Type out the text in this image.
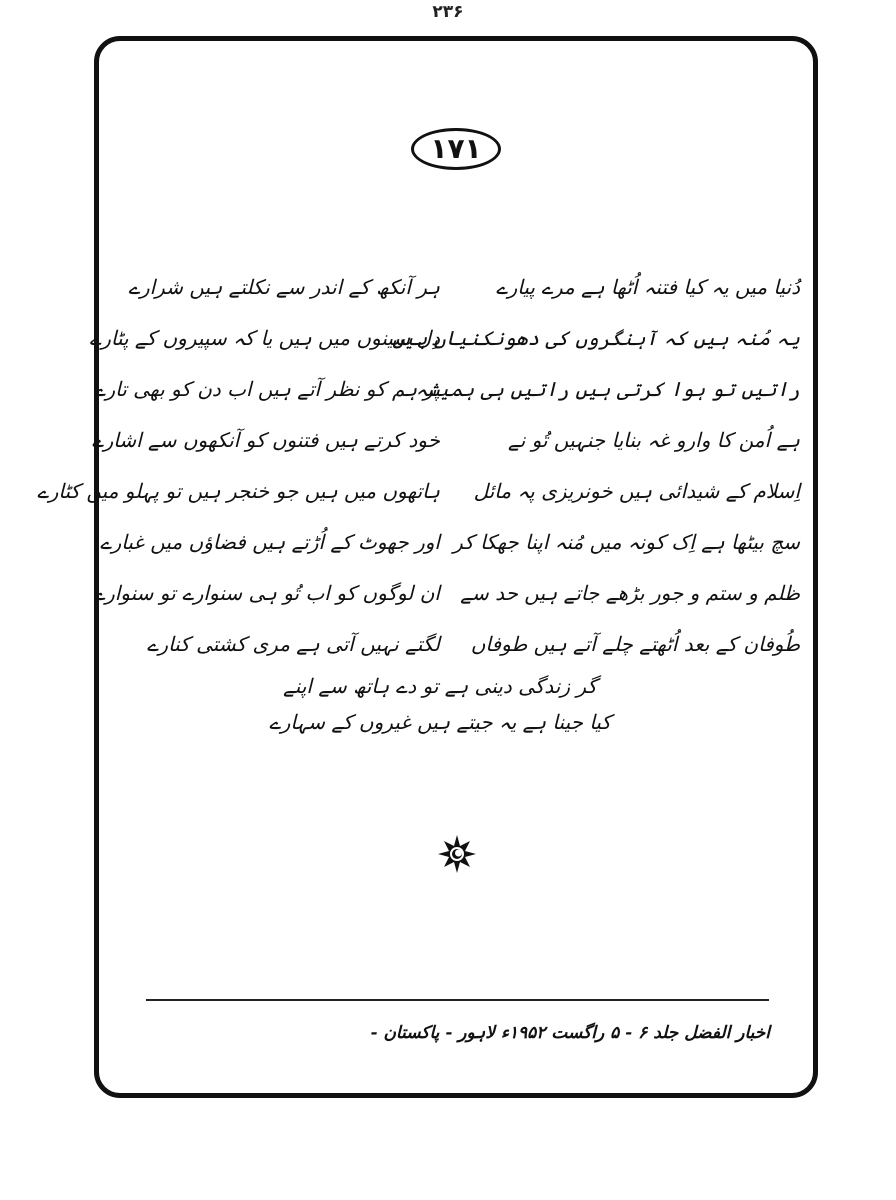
۲۳۶
۱۷۱
دُنیا میں یہ کیا فتنہ اُٹھا ہے مرے پیارے
ہر آنکھ کے اندر سے نکلتے ہیں شرارے
یہ مُنہ ہیں کہ آہنگروں کی دھونکنیاں ہیں
دِل سینوں میں ہیں یا کہ سپیروں کے پٹارے
راتیں تو ہوا کرتی ہیں راتیں ہی ہمیشہ
پر ہم کو نظر آتے ہیں اب دن کو بھی تارے
ہے اُمن کا وارو غہ بنایا جنہیں تُو نے
خود کرتے ہیں فتنوں کو آنکھوں سے اشارے
اِسلام کے شیدائی ہیں خونریزی پہ مائل
ہاتھوں میں ہیں جو خنجر ہیں تو پہلو میں کٹارے
سچ بیٹھا ہے اِک کونہ میں مُنہ اپنا جھکا کر
اور جھوٹ کے اُڑتے ہیں فضاؤں میں غبارے
ظلم و ستم و جور بڑھے جاتے ہیں حد سے
ان لوگوں کو اب تُو ہی سنوارے تو سنوارے
طُوفان کے بعد اُٹھتے چلے آتے ہیں طوفاں
لگتے نہیں آتی ہے مری کشتی کنارے
گر زندگی دینی ہے تو دے ہاتھ سے اپنے
کیا جینا ہے یہ جیتے ہیں غیروں کے سہارے
اخبار الفضل جلد ۶ - ۵ راگست ۱۹۵۲ء لاہور - پاکستان -
